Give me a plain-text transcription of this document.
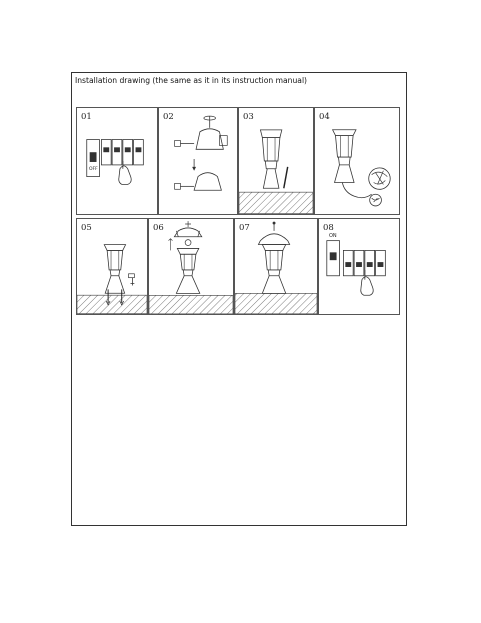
Installation drawing (the same as it in its instruction manual)
01
OFF
02	03	04
05	06	07	08
ON
